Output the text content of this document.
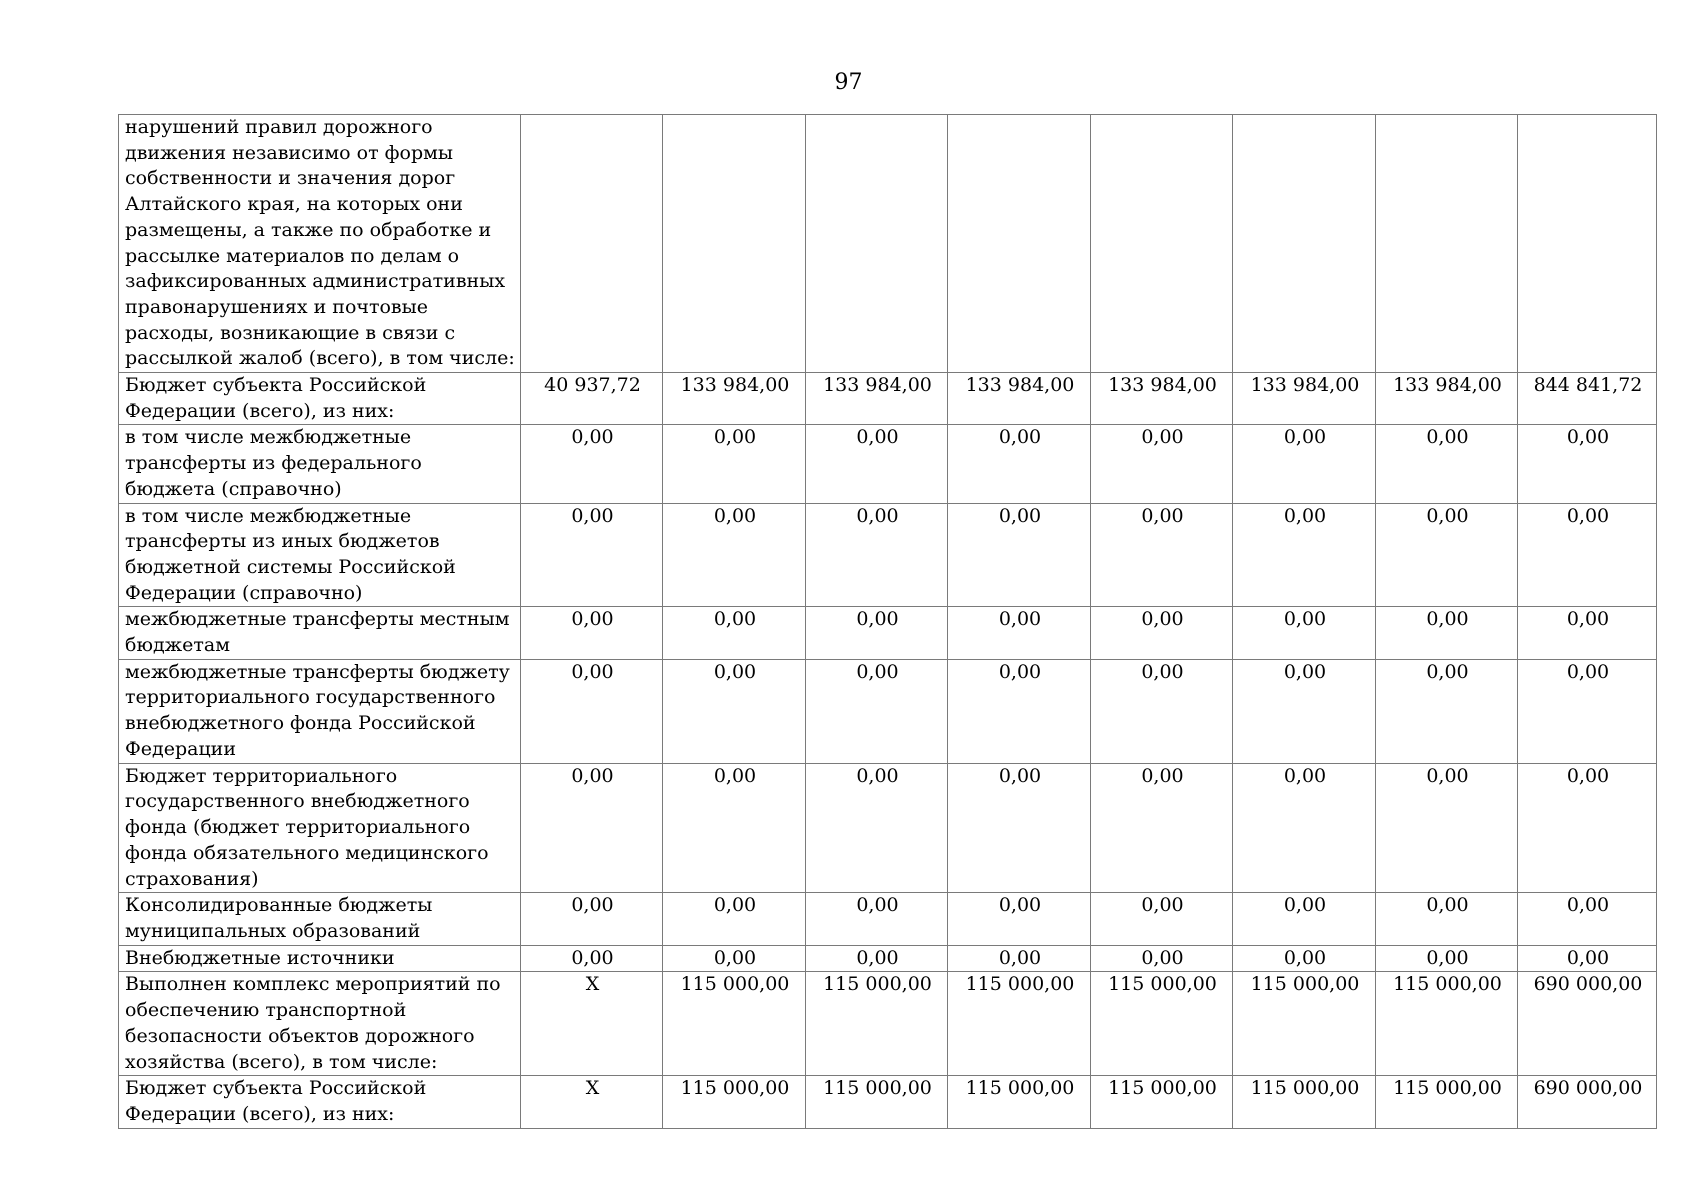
97
нарушений правил дорожного движения независимо от формы собственности и значения дорог Алтайского края, на которых они размещены, а также по обработке и рассылке материалов по делам о зафиксированных административных правонарушениях и почтовые расходы, возникающие в связи с рассылкой жалоб (всего), в том числе:								
Бюджет субъекта Российской Федерации (всего), из них:	40 937,72	133 984,00	133 984,00	133 984,00	133 984,00	133 984,00	133 984,00	844 841,72
в том числе межбюджетные трансферты из федерального бюджета (справочно)	0,00	0,00	0,00	0,00	0,00	0,00	0,00	0,00
в том числе межбюджетные трансферты из иных бюджетов бюджетной системы Российской Федерации (справочно)	0,00	0,00	0,00	0,00	0,00	0,00	0,00	0,00
межбюджетные трансферты местным бюджетам	0,00	0,00	0,00	0,00	0,00	0,00	0,00	0,00
межбюджетные трансферты бюджету территориального государственного внебюджетного фонда Российской Федерации	0,00	0,00	0,00	0,00	0,00	0,00	0,00	0,00
Бюджет территориального государственного внебюджетного фонда (бюджет территориального фонда обязательного медицинского страхования)	0,00	0,00	0,00	0,00	0,00	0,00	0,00	0,00
Консолидированные бюджеты муниципальных образований	0,00	0,00	0,00	0,00	0,00	0,00	0,00	0,00
Внебюджетные источники	0,00	0,00	0,00	0,00	0,00	0,00	0,00	0,00
Выполнен комплекс мероприятий по обеспечению транспортной безопасности объектов дорожного хозяйства (всего), в том числе:	X	115 000,00	115 000,00	115 000,00	115 000,00	115 000,00	115 000,00	690 000,00
Бюджет субъекта Российской Федерации (всего), из них:	X	115 000,00	115 000,00	115 000,00	115 000,00	115 000,00	115 000,00	690 000,00
